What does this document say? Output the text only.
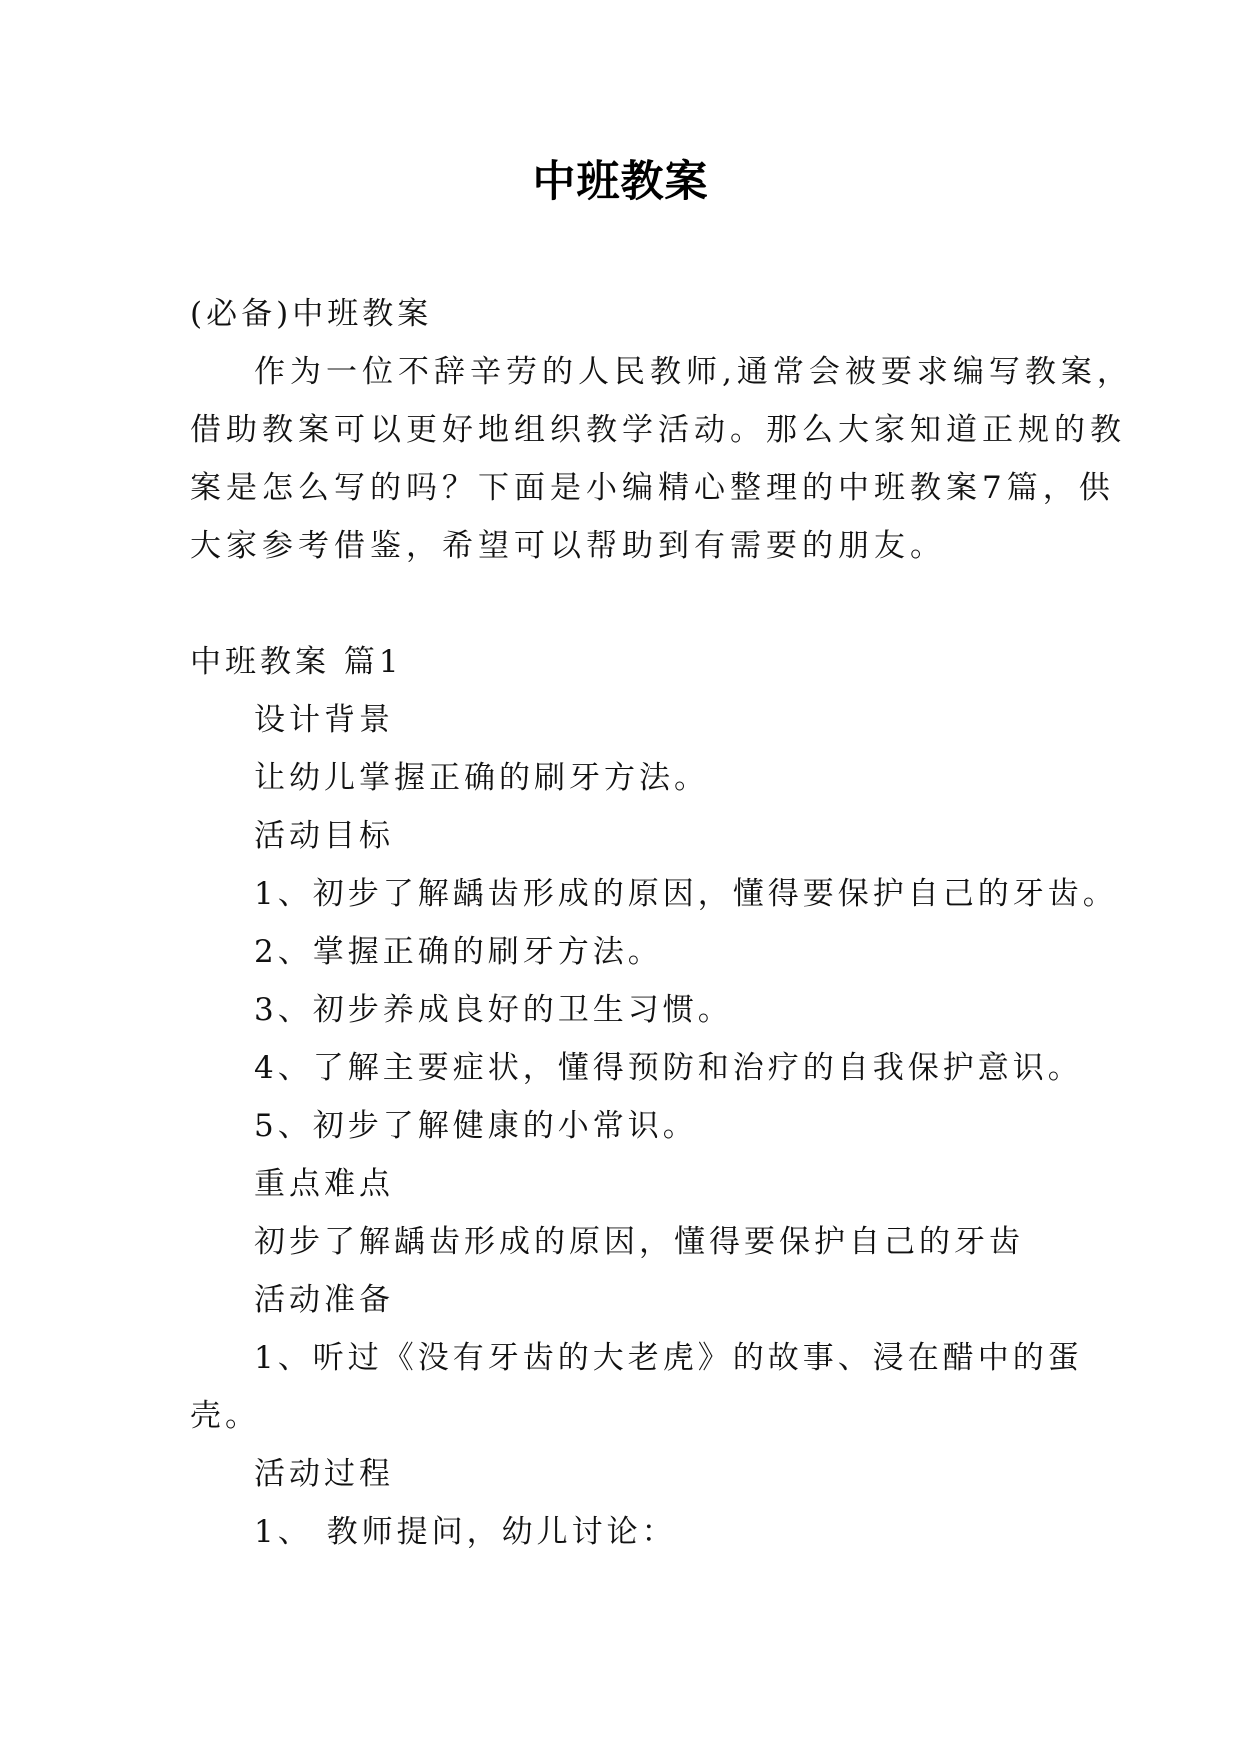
中班教案

(必备)中班教案

作为一位不辞辛劳的人民教师,通常会被要求编写教案，

借助教案可以更好地组织教学活动。那么大家知道正规的教

案是怎么写的吗？下面是小编精心整理的中班教案7篇，供

大家参考借鉴，希望可以帮助到有需要的朋友。

中班教案 篇1

设计背景

让幼儿掌握正确的刷牙方法。

活动目标

1、初步了解龋齿形成的原因，懂得要保护自己的牙齿。

2、掌握正确的刷牙方法。

3、初步养成良好的卫生习惯。

4、了解主要症状，懂得预防和治疗的自我保护意识。

5、初步了解健康的小常识。

重点难点

初步了解龋齿形成的原因，懂得要保护自己的牙齿

活动准备

1、听过《没有牙齿的大老虎》的故事、浸在醋中的蛋

壳。

活动过程

1、 教师提问，幼儿讨论：
